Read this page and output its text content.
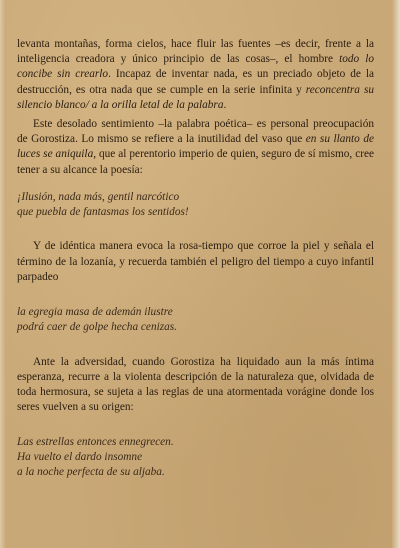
levanta montañas, forma cielos, hace fluir las fuentes –es decir, frente a la inteligencia creadora y único principio de las cosas–, el hombre todo lo concibe sin crearlo. Incapaz de inventar nada, es un preciado objeto de la destrucción, es otra nada que se cumple en la serie infinita y reconcentra su silencio blanco/ a la orilla letal de la palabra.

Este desolado sentimiento –la palabra poética– es personal preocupación de Gorostiza. Lo mismo se refiere a la inutilidad del vaso que en su llanto de luces se aniquila, que al perentorio imperio de quien, seguro de sí mismo, cree tener a su alcance la poesía:

¡Ilusión, nada más, gentil narcótico

que puebla de fantasmas los sentidos!

Y de idéntica manera evoca la rosa-tiempo que corroe la piel y señala el término de la lozanía, y recuerda también el peligro del tiempo a cuyo infantil parpadeo

la egregia masa de ademán ilustre

podrá caer de golpe hecha cenizas.

Ante la adversidad, cuando Gorostiza ha liquidado aun la más íntima esperanza, recurre a la violenta descripción de la naturaleza que, olvidada de toda hermosura, se sujeta a las reglas de una atormentada vorágine donde los seres vuelven a su origen:

Las estrellas entonces ennegrecen.

Ha vuelto el dardo insomne

a la noche perfecta de su aljaba.
